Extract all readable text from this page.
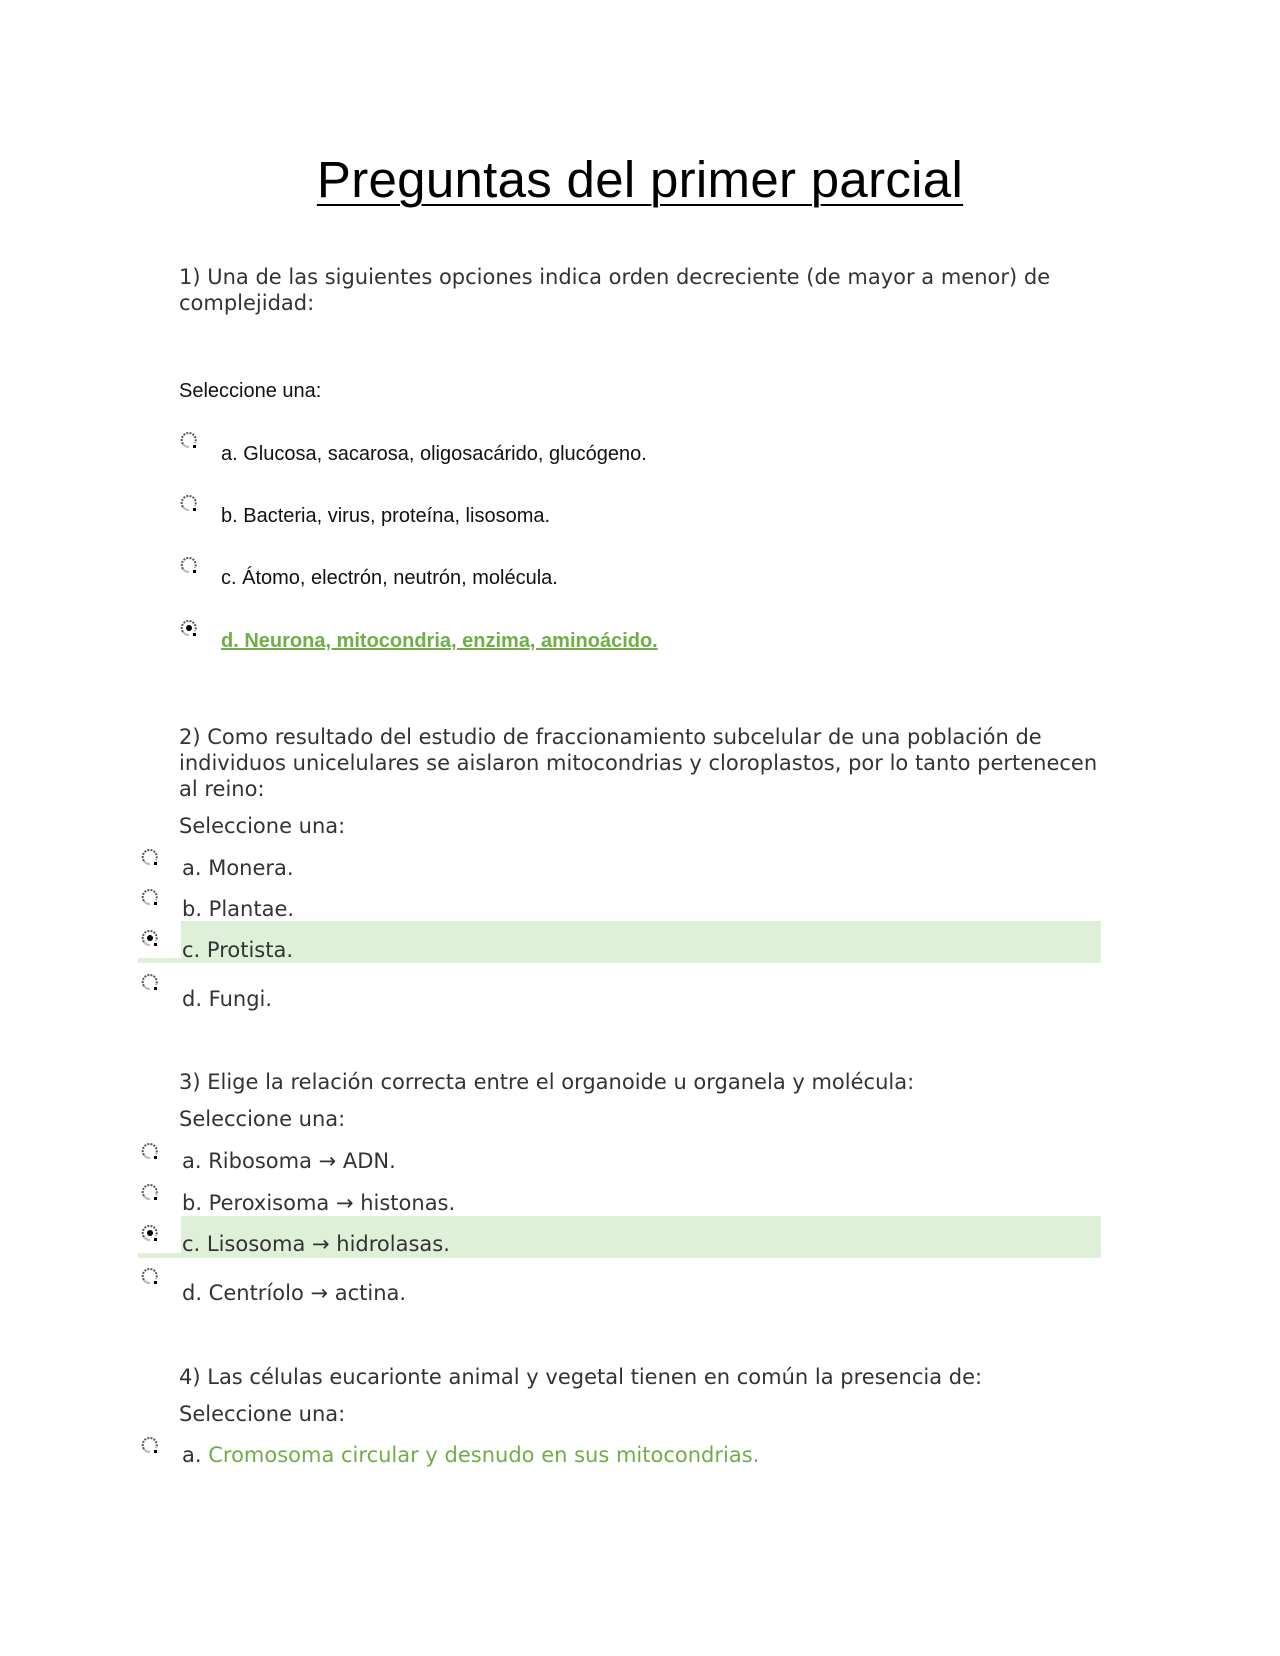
Preguntas del primer parcial

1) Una de las siguientes opciones indica orden decreciente (de mayor a menor) de complejidad:

Seleccione una:

a. Glucosa, sacarosa, oligosacárido, glucógeno.

b. Bacteria, virus, proteína, lisosoma.

c. Átomo, electrón, neutrón, molécula.

d. Neurona, mitocondria, enzima, aminoácido.

2) Como resultado del estudio de fraccionamiento subcelular de una población de individuos unicelulares se aislaron mitocondrias y cloroplastos, por lo tanto pertenecen al reino:

Seleccione una:

a. Monera.

b. Plantae.

c. Protista.

d. Fungi.

3) Elige la relación correcta entre el organoide u organela y molécula:

Seleccione una:

a. Ribosoma → ADN.

b. Peroxisoma → histonas.

c. Lisosoma → hidrolasas.

d. Centríolo → actina.

4) Las células eucarionte animal y vegetal tienen en común la presencia de:

Seleccione una:

a. Cromosoma circular y desnudo en sus mitocondrias.
